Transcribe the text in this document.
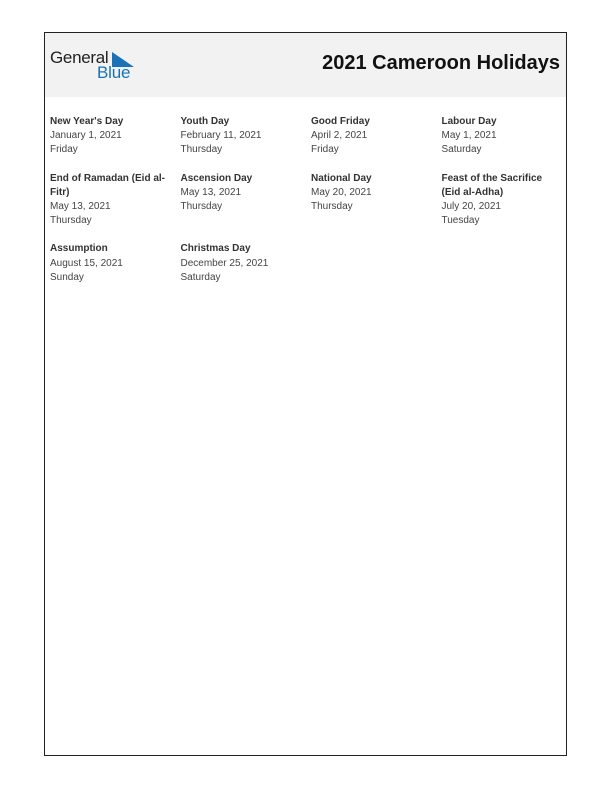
General
Blue	2021 Cameroon Holidays
New Year's Day
January 1, 2021
Friday
Youth Day
February 11, 2021
Thursday
Good Friday
April 2, 2021
Friday
Labour Day
May 1, 2021
Saturday
End of Ramadan (Eid al-Fitr)
May 13, 2021
Thursday
Ascension Day
May 13, 2021
Thursday
National Day
May 20, 2021
Thursday
Feast of the Sacrifice (Eid al-Adha)
July 20, 2021
Tuesday
Assumption
August 15, 2021
Sunday
Christmas Day
December 25, 2021
Saturday
